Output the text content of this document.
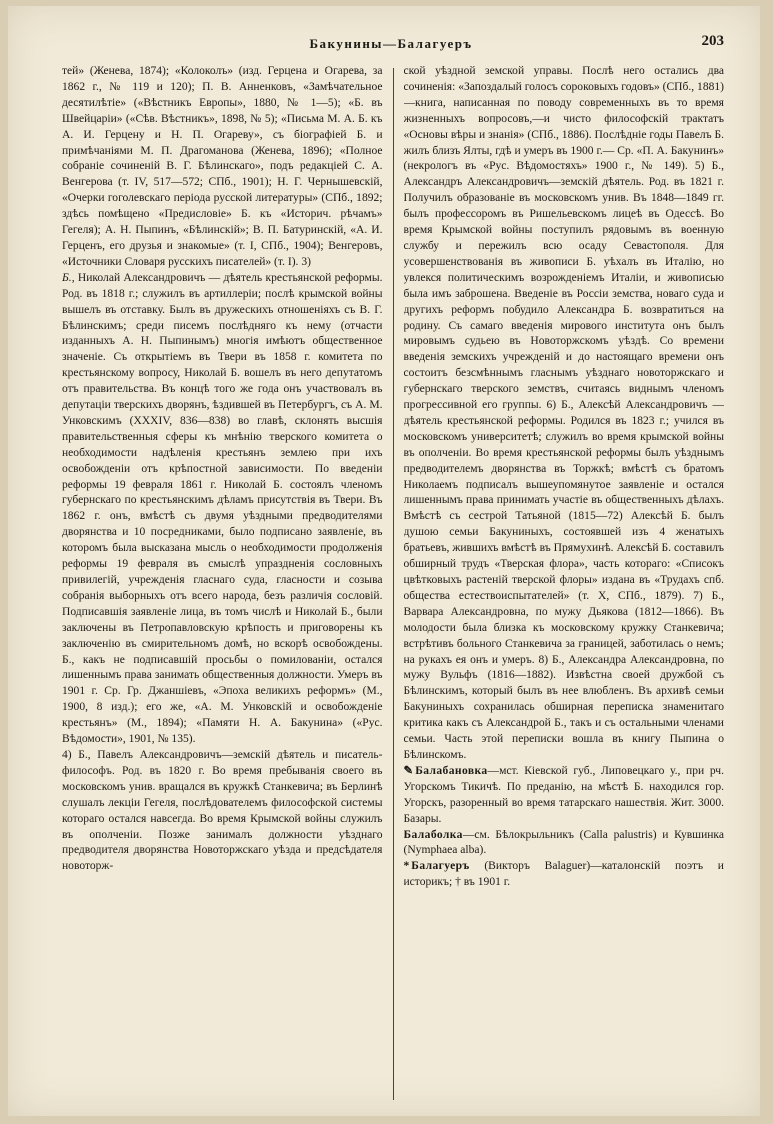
Бакунины—Балагуеръ	203

тей» (Женева, 1874); «Колоколъ» (изд. Герцена и Огарева, за 1862 г., № 119 и 120); П. В. Анненковъ, «Замѣчательное десятилѣтіе» («Вѣстникъ Европы», 1880, № 1—5); «Б. въ Швейцаріи» («Сѣв. Вѣстникъ», 1898, № 5); «Письма М. А. Б. къ А. И. Герцену и Н. П. Огареву», съ біографіей Б. и примѣчаніями М. П. Драгоманова (Женева, 1896); «Полное собраніе сочиненій В. Г. Бѣлинскаго», подъ редакціей С. А. Венгерова (т. IV, 517—572; СПб., 1901); Н. Г. Чернышевскій, «Очерки гоголевскаго періода русской литературы» (СПб., 1892; здѣсь помѣщено «Предисловіе» Б. къ «Историч. рѣчамъ» Гегеля); А. Н. Пыпинъ, «Бѣлинскій»; В. П. Батуринскій, «А. И. Герценъ, его друзья и знакомые» (т. I, СПб., 1904); Венгеровъ, «Источники Словаря русскихъ писателей» (т. I). 3)

Б., Николай Александровичъ — дѣятель крестьянской реформы. Род. въ 1818 г.; служилъ въ артиллеріи; послѣ крымской войны вышелъ въ отставку. Былъ въ дружескихъ отношеніяхъ съ В. Г. Бѣлинскимъ; среди писемъ послѣдняго къ нему (отчасти изданныхъ А. Н. Пыпинымъ) многія имѣютъ общественное значеніе. Съ открытіемъ въ Твери въ 1858 г. комитета по крестьянскому вопросу, Николай Б. вошелъ въ него депутатомъ отъ правительства. Въ концѣ того же года онъ участвовалъ въ депутаціи тверскихъ дворянъ, ѣздившей въ Петербургъ, съ А. М. Унковскимъ (XXXIV, 836—838) во главѣ, склонять высшія правительственныя сферы къ мнѣнію тверского комитета о необходимости надѣленія крестьянъ землею при ихъ освобожденіи отъ крѣпостной зависимости. По введеніи реформы 19 февраля 1861 г. Николай Б. состоялъ членомъ губернскаго по крестьянскимъ дѣламъ присутствія въ Твери. Въ 1862 г. онъ, вмѣстѣ съ двумя уѣздными предводителями дворянства и 10 посредниками, было подписано заявленіе, въ которомъ была высказана мысль о необходимости продолженія реформы 19 февраля въ смыслѣ упраздненія сословныхъ привилегій, учрежденія гласнаго суда, гласности и созыва собранія выборныхъ отъ всего народа, безъ различія сословій. Подписавшія заявленіе лица, въ томъ числѣ и Николай Б., были заключены въ Петропавловскую крѣпость и приговорены къ заключенію въ смирительномъ домѣ, но вскорѣ освобождены. Б., какъ не подписавшій просьбы о помилованіи, остался лишеннымъ права занимать общественныя должности. Умеръ въ 1901 г. Ср. Гр. Джаншіевъ, «Эпоха великихъ реформъ» (М., 1900, 8 изд.); его же, «А. М. Унковскій и освобожденіе крестьянъ» (М., 1894); «Памяти Н. А. Бакунина» («Рус. Вѣдомости», 1901, № 135).

4) Б., Павелъ Александровичъ—земскій дѣятель и писатель-философъ. Род. въ 1820 г. Во время пребыванія своего въ московскомъ унив. вращался въ кружкѣ Станкевича; въ Берлинѣ слушалъ лекціи Гегеля, послѣдователемъ философской системы котораго остался навсегда. Во время Крымской войны служилъ въ ополченіи. Позже занималъ должности уѣзднаго предводителя дворянства Новоторжскаго уѣзда и предсѣдателя новоторж-

ской уѣздной земской управы. Послѣ него остались два сочиненія: «Запоздалый голосъ сороковыхъ годовъ» (СПб., 1881)—книга, написанная по поводу современныхъ въ то время жизненныхъ вопросовъ,—и чисто философскій трактатъ «Основы вѣры и знанія» (СПб., 1886). Послѣдніе годы Павелъ Б. жилъ близъ Ялты, гдѣ и умеръ въ 1900 г.— Ср. «П. А. Бакунинъ» (некрологъ въ «Рус. Вѣдомостяхъ» 1900 г., № 149). 5) Б., Александръ Александровичъ—земскій дѣятель. Род. въ 1821 г. Получилъ образованіе въ московскомъ унив. Въ 1848—1849 гг. былъ профессоромъ въ Ришельевскомъ лицеѣ въ Одессѣ. Во время Крымской войны поступилъ рядовымъ въ военную службу и пережилъ всю осаду Севастополя. Для усовершенствованія въ живописи Б. уѣхалъ въ Италію, но увлекся политическимъ возрожденіемъ Италіи, и живописью была имъ заброшена. Введеніе въ Россіи земства, новаго суда и другихъ реформъ побудило Александра Б. возвратиться на родину. Съ самаго введенія мирового института онъ былъ мировымъ судьею въ Новоторжскомъ уѣздѣ. Со времени введенія земскихъ учрежденій и до настоящаго времени онъ состоитъ безсмѣннымъ гласнымъ уѣзднаго новоторжскаго и губернскаго тверского земствъ, считаясь виднымъ членомъ прогрессивной его группы. 6) Б., Алексѣй Александровичъ — дѣятель крестьянской реформы. Родился въ 1823 г.; учился въ московскомъ университетѣ; служилъ во время крымской войны въ ополченіи. Во время крестьянской реформы былъ уѣзднымъ предводителемъ дворянства въ Торжкѣ; вмѣстѣ съ братомъ Николаемъ подписалъ вышеупомянутое заявленіе и остался лишеннымъ права принимать участіе въ общественныхъ дѣлахъ. Вмѣстѣ съ сестрой Татьяной (1815—72) Алексѣй Б. былъ душою семьи Бакуниныхъ, состоявшей изъ 4 женатыхъ братьевъ, жившихъ вмѣстѣ въ Прямухинѣ. Алексѣй Б. составилъ обширный трудъ «Тверская флора», часть котораго: «Списокъ цвѣтковыхъ растеній тверской флоры» издана въ «Трудахъ спб. общества естествоиспытателей» (т. X, СПб., 1879). 7) Б., Варвара Александровна, по мужу Дьякова (1812—1866). Въ молодости была близка къ московскому кружку Станкевича; встрѣтивъ больного Станкевича за границей, заботилась о немъ; на рукахъ ея онъ и умеръ. 8) Б., Александра Александровна, по мужу Вульфъ (1816—1882). Извѣстна своей дружбой съ Бѣлинскимъ, который былъ въ нее влюбленъ. Въ архивѣ семьи Бакуниныхъ сохранилась обширная переписка знаменитаго критика какъ съ Александрой Б., такъ и съ остальными членами семьи. Часть этой переписки вошла въ книгу Пыпина о Бѣлинскомъ.

✎ Балабановка—мст. Кіевской губ., Липовецкаго у., при рч. Угорскомъ Тикичѣ. По преданію, на мѣстѣ Б. находился гор. Угорскъ, разоренный во время татарскаго нашествія. Жит. 3000. Базары.

Балаболка—см. Бѣлокрыльникъ (Calla palustris) и Кувшинка (Nymphaea alba).

* Балагуеръ (Викторъ Balaguer)—каталонскій поэтъ и историкъ; † въ 1901 г.
